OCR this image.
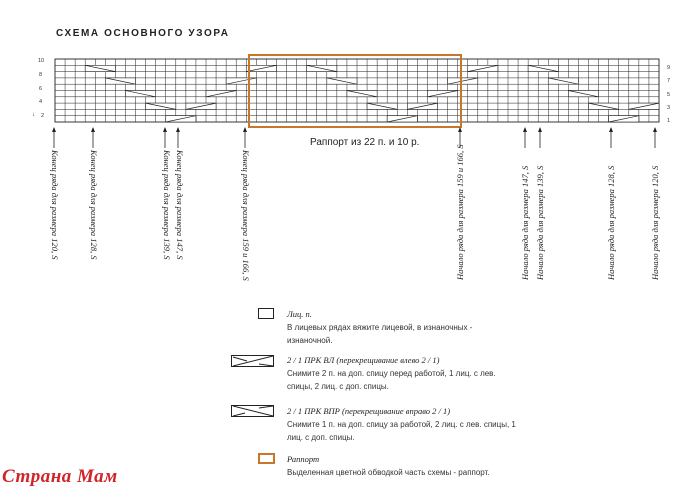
СХЕМА ОСНОВНОГО УЗОРА
10
8
6
4
2
↓
9
7
5
3
1
Раппорт из 22 п. и 10 р.
Конец ряда для размера 120, S	Конец ряда для размера 128, S	Конец ряда для размера 139, S Конец ряда для размера 147, S	Конец ряда для размера 159 и 166, S	Начало ряда для размера 159 и 166, S	Начало ряда для размера 147, S Начало ряда для размера 139, S	Начало ряда для размера 128, S	Начало ряда для размера 120, S
Лиц. п.
В лицевых рядах вяжите лицевой, в изнаночных - изнаночной.
2 / 1 ПРК ВЛ (перекрещивание влево 2 / 1)
Снимите 2 п. на доп. спицу перед работой, 1 лиц. с лев. спицы, 2 лиц. с доп. спицы.
2 / 1 ПРК ВПР (перекрещивание вправо 2 / 1)
Снимите 1 п. на доп. спицу за работой, 2 лиц. с лев. спицы, 1 лиц. с доп. спицы.
Раппорт
Выделенная цветной обводкой часть схемы - раппорт.
Страна Мам
